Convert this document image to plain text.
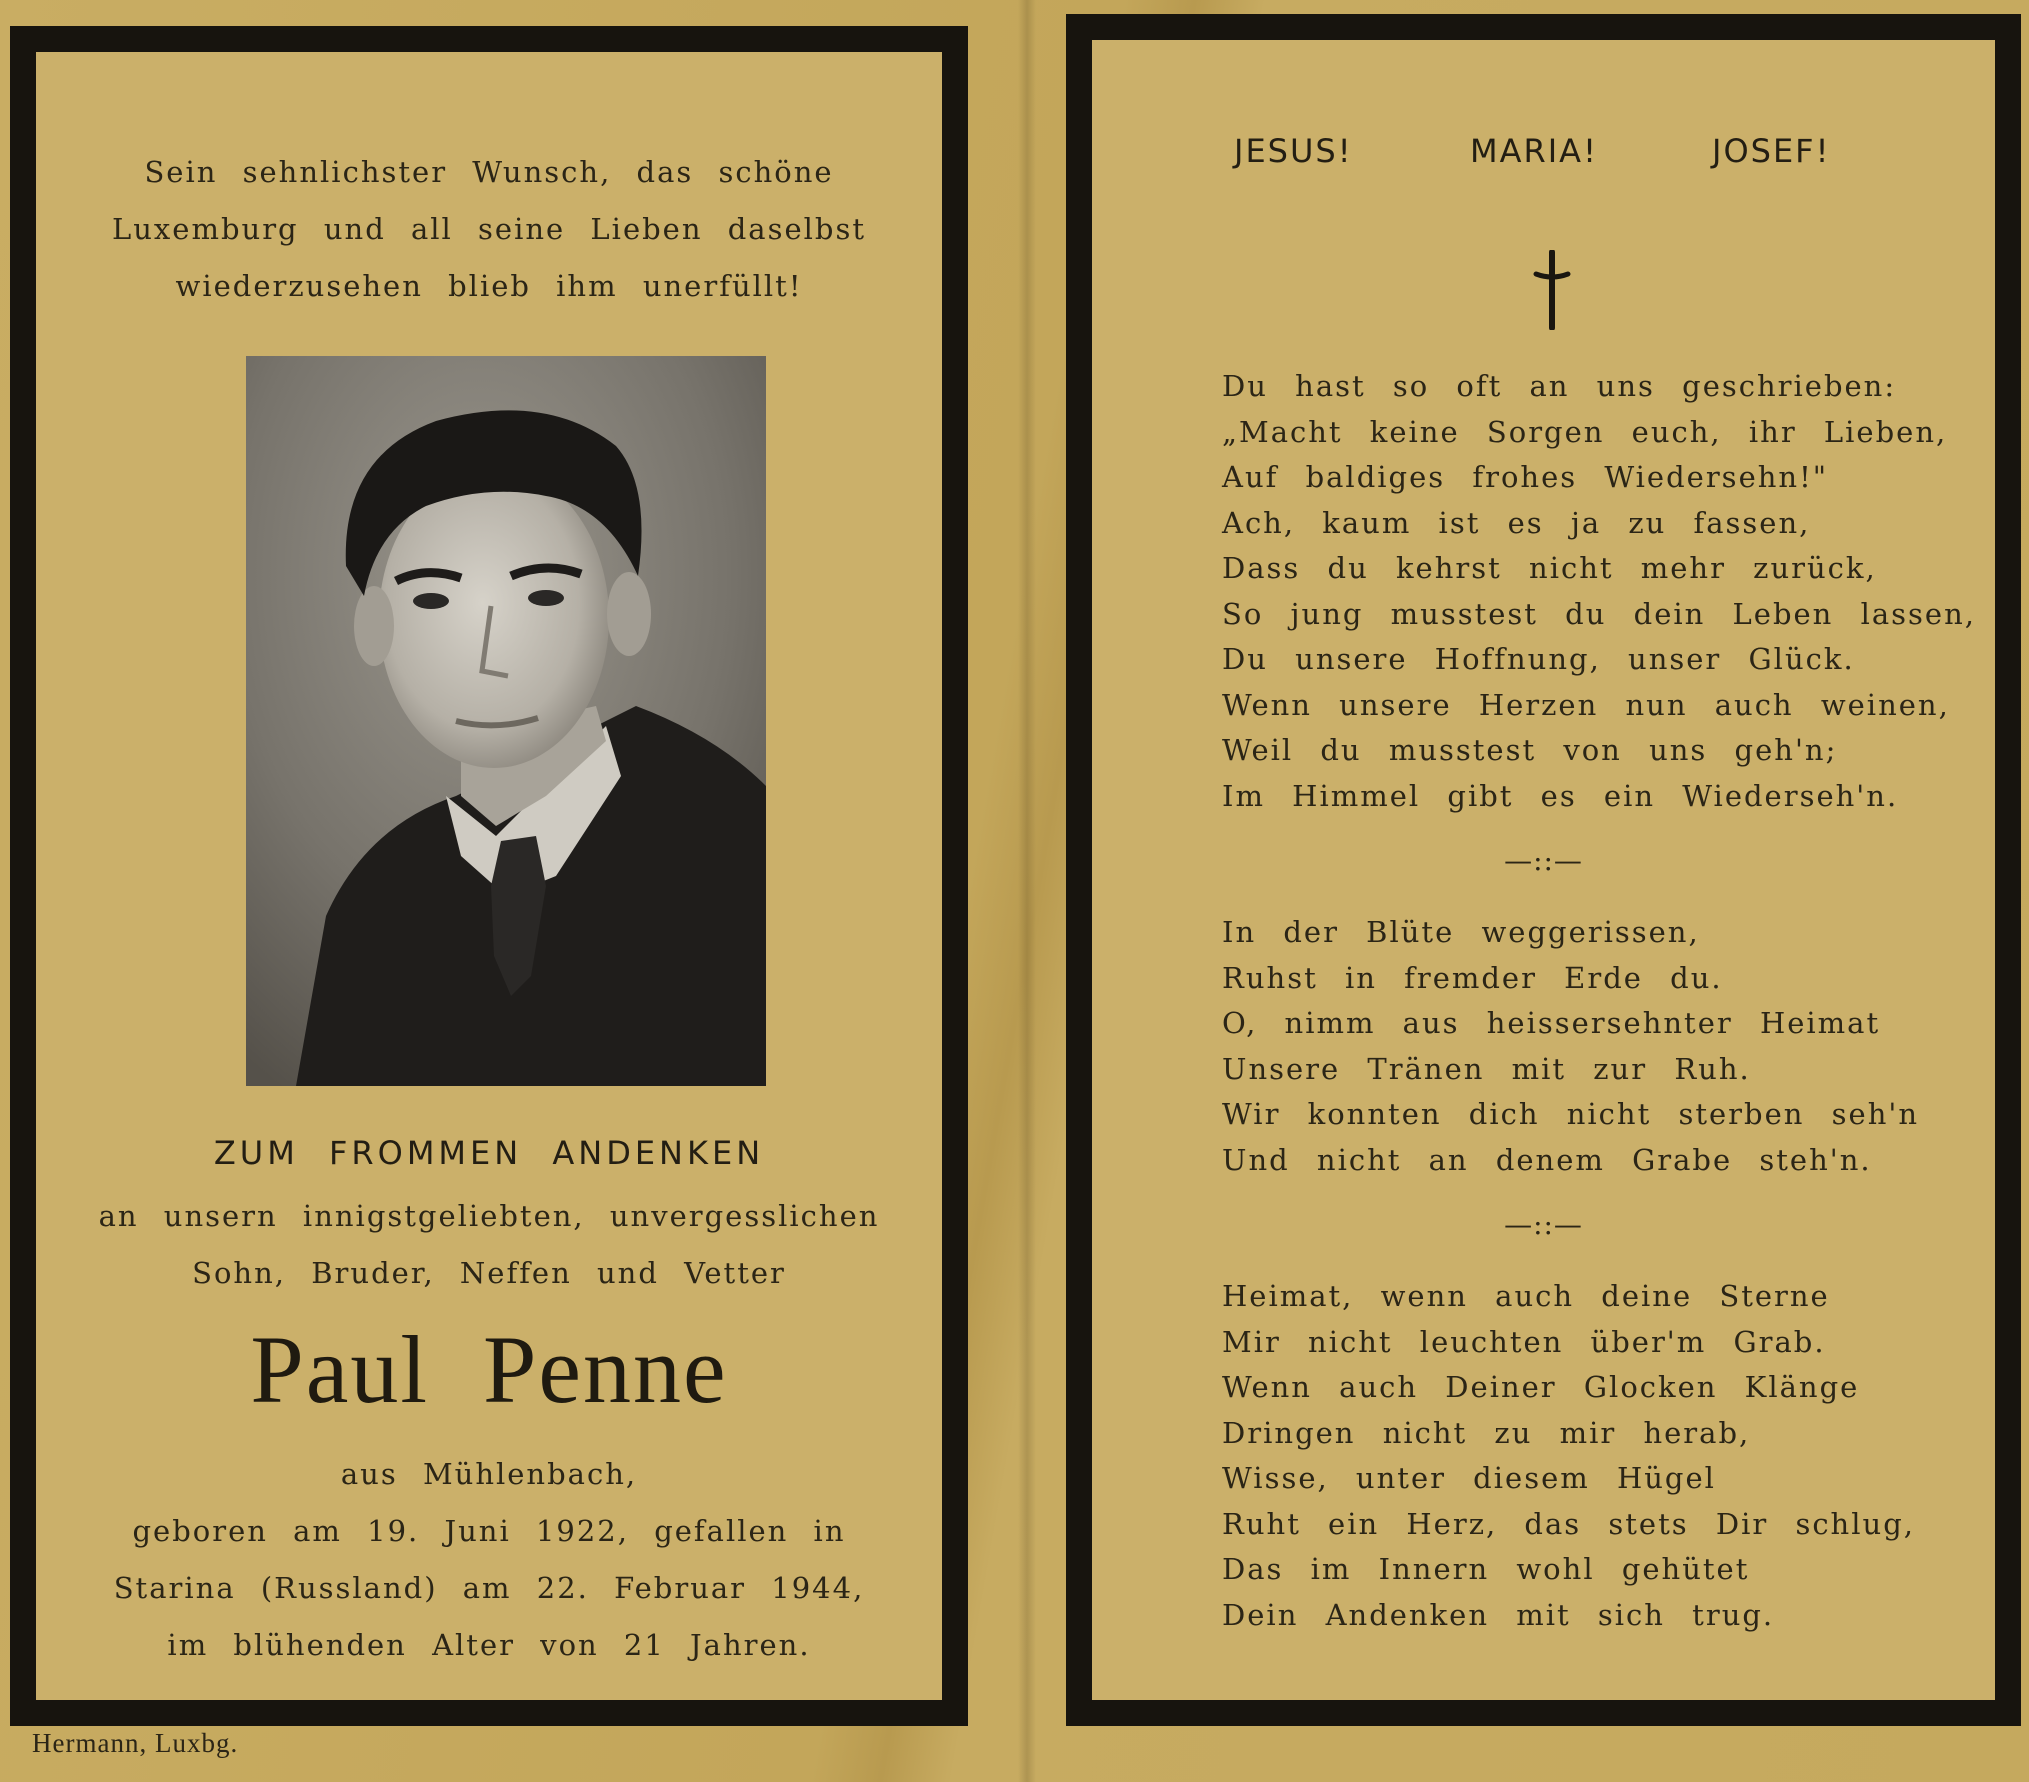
Sein sehnlichster Wunsch, das schöne
Luxemburg und all seine Lieben daselbst
wiederzusehen blieb ihm unerfüllt!
ZUM FROMMEN ANDENKEN
an unsern innigstgeliebten, unvergesslichen
Sohn, Bruder, Neffen und Vetter
Paul Penne
aus Mühlenbach,
geboren am 19. Juni 1922, gefallen in
Starina (Russland) am 22. Februar 1944,
im blühenden Alter von 21 Jahren.
Hermann, Luxbg.
JESUS!	MARIA!	JOSEF!
Du hast so oft an uns geschrieben:
„Macht keine Sorgen euch, ihr Lieben,
Auf baldiges frohes Wiedersehn!"
Ach, kaum ist es ja zu fassen,
Dass du kehrst nicht mehr zurück,
So jung musstest du dein Leben lassen,
Du unsere Hoffnung, unser Glück.
Wenn unsere Herzen nun auch weinen,
Weil du musstest von uns geh'n;
Im Himmel gibt es ein Wiederseh'n.
—::—
In der Blüte weggerissen,
Ruhst in fremder Erde du.
O, nimm aus heissersehnter Heimat
Unsere Tränen mit zur Ruh.
Wir konnten dich nicht sterben seh'n
Und nicht an denem Grabe steh'n.
—::—
Heimat, wenn auch deine Sterne
Mir nicht leuchten über'm Grab.
Wenn auch Deiner Glocken Klänge
Dringen nicht zu mir herab,
Wisse, unter diesem Hügel
Ruht ein Herz, das stets Dir schlug,
Das im Innern wohl gehütet
Dein Andenken mit sich trug.
